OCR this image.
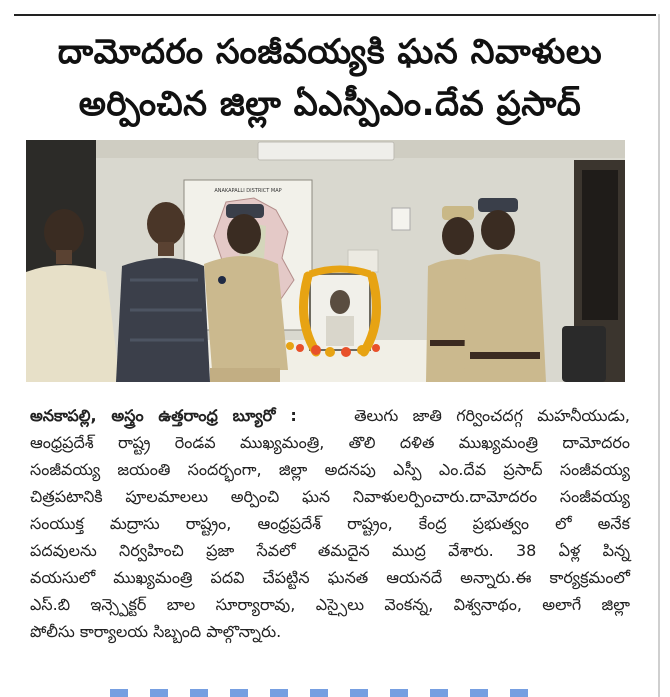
దామోదరం సంజీవయ్యకి ఘన నివాళులు
అర్పించిన జిల్లా ఏఎస్పీఎం.దేవ ప్రసాద్
ANAKAPALLI DISTRICT MAP
అనకాపల్లి, అస్త్రం ఉత్తరాంధ్ర బ్యూరో :	తెలుగు జాతి గర్వించదగ్గ మహనీయుడు,
ఆంధ్రప్రదేశ్ రాష్ట్ర రెండవ ముఖ్యమంత్రి, తొలి దళిత ముఖ్యమంత్రి దామోదరం
సంజీవయ్య జయంతి సందర్భంగా, జిల్లా అదనపు ఎస్పీ ఎం.దేవ ప్రసాద్ సంజీవయ్య
చిత్రపటానికి పూలమాలలు అర్పించి ఘన నివాళులర్పించారు.దామోదరం సంజీవయ్య
సంయుక్త మద్రాసు రాష్ట్రం, ఆంధ్రప్రదేశ్ రాష్ట్రం, కేంద్ర ప్రభుత్వం లో అనేక
పదవులను నిర్వహించి ప్రజా సేవలో తమదైన ముద్ర వేశారు. 38 ఏళ్ల పిన్న
వయసులో ముఖ్యమంత్రి పదవి చేపట్టిన ఘనత ఆయనదే అన్నారు.ఈ కార్యక్రమంలో
ఎస్.బి ఇన్స్పెక్టర్ బాల సూర్యారావు, ఎస్సైలు వెంకన్న, విశ్వనాథం, అలాగే జిల్లా
పోలీసు కార్యాలయ సిబ్బంది పాల్గొన్నారు.
